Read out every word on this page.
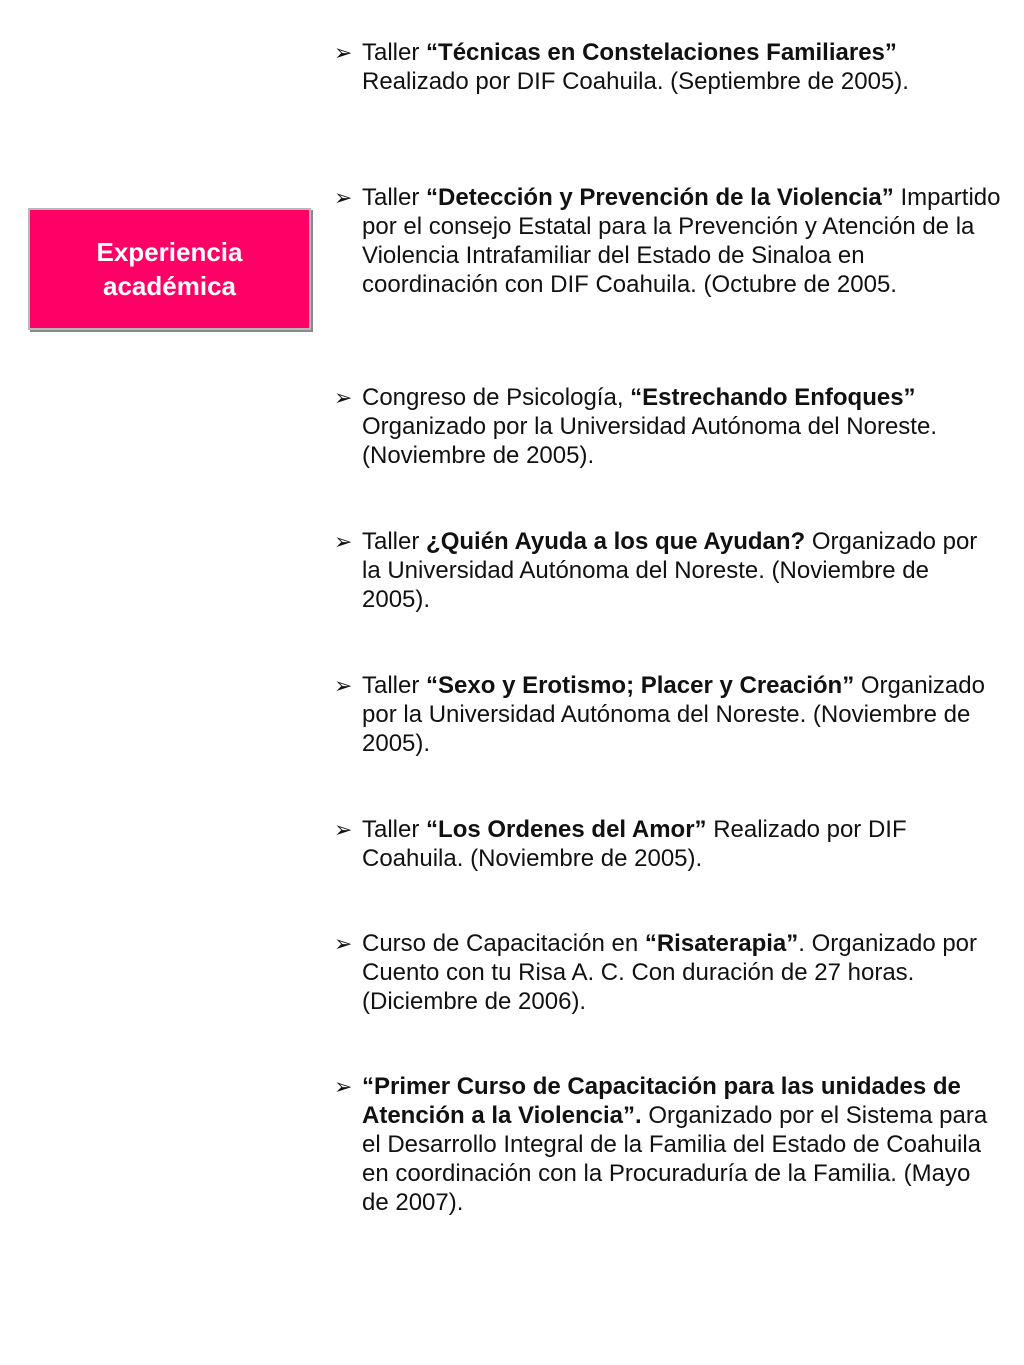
Experiencia
académica
➢ Taller “Técnicas en Constelaciones Familiares” Realizado por DIF Coahuila. (Septiembre de 2005).
➢ Taller “Detección y Prevención de la Violencia” Impartido por el consejo Estatal para la Prevención y Atención de la Violencia Intrafamiliar del Estado de Sinaloa en coordinación con DIF Coahuila. (Octubre de 2005.
➢ Congreso de Psicología, “Estrechando Enfoques” Organizado por la Universidad Autónoma del Noreste. (Noviembre de 2005).
➢ Taller ¿Quién Ayuda a los que Ayudan? Organizado por la Universidad Autónoma del Noreste. (Noviembre de 2005).
➢ Taller “Sexo y Erotismo; Placer y Creación” Organizado por la Universidad Autónoma del Noreste. (Noviembre de 2005).
➢ Taller “Los Ordenes del Amor” Realizado por DIF Coahuila. (Noviembre de 2005).
➢ Curso de Capacitación en “Risaterapia”. Organizado por Cuento con tu Risa A. C. Con duración de 27 horas. (Diciembre de 2006).
➢ “Primer Curso de Capacitación para las unidades de Atención a la Violencia”. Organizado por el Sistema para el Desarrollo Integral de la Familia del Estado de Coahuila en coordinación con la Procuraduría de la Familia. (Mayo de 2007).
